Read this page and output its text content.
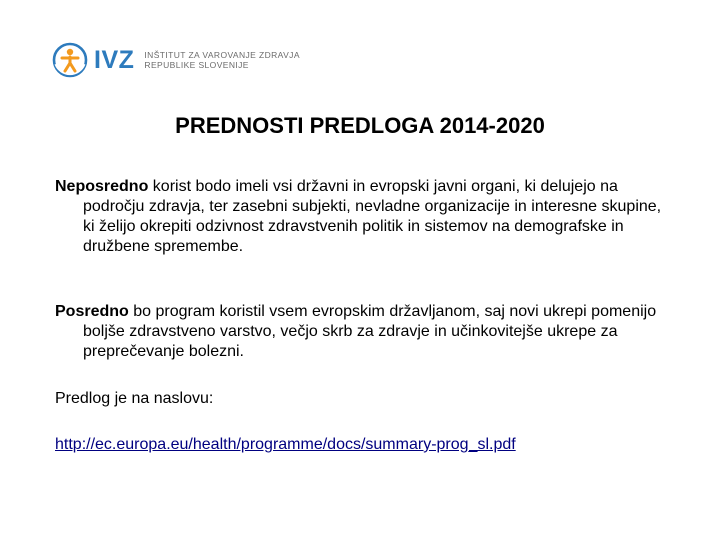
IVZ INŠTITUT ZA VAROVANJE ZDRAVJA
REPUBLIKE SLOVENIJE
PREDNOSTI PREDLOGA 2014-2020

Neposredno korist bodo imeli vsi državni in evropski javni organi, ki delujejo na področju zdravja, ter zasebni subjekti, nevladne organizacije in interesne skupine, ki želijo okrepiti odzivnost zdravstvenih politik in sistemov na demografske in družbene spremembe.

Posredno bo program koristil vsem evropskim državljanom, saj novi ukrepi pomenijo boljše zdravstveno varstvo, večjo skrb za zdravje in učinkovitejše ukrepe za preprečevanje bolezni.

Predlog je na naslovu:

http://ec.europa.eu/health/programme/docs/summary-prog_sl.pdf
